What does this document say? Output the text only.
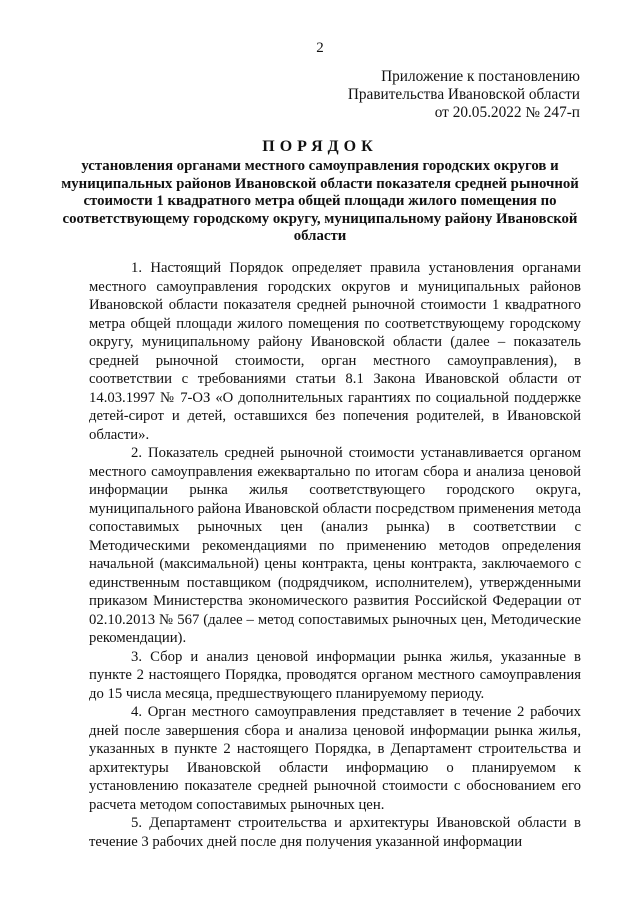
2
Приложение к постановлению
Правительства Ивановской области
от 20.05.2022 № 247-п
ПОРЯДОК
установления органами местного самоуправления городских округов и муниципальных районов Ивановской области показателя средней рыночной стоимости 1 квадратного метра общей площади жилого помещения по соответствующему городскому округу, муниципальному району Ивановской области

1. Настоящий Порядок определяет правила установления органами местного самоуправления городских округов и муниципальных районов Ивановской области показателя средней рыночной стоимости 1 квадратного метра общей площади жилого помещения по соответствующему городскому округу, муниципальному району Ивановской области (далее – показатель средней рыночной стоимости, орган местного самоуправления), в соответствии с требованиями статьи 8.1 Закона Ивановской области от 14.03.1997 № 7-ОЗ «О дополнительных гарантиях по социальной поддержке детей-сирот и детей, оставшихся без попечения родителей, в Ивановской области».

2. Показатель средней рыночной стоимости устанавливается органом местного самоуправления ежеквартально по итогам сбора и анализа ценовой информации рынка жилья соответствующего городского округа, муниципального района Ивановской области посредством применения метода сопоставимых рыночных цен (анализ рынка) в соответствии с Методическими рекомендациями по применению методов определения начальной (максимальной) цены контракта, цены контракта, заключаемого с единственным поставщиком (подрядчиком, исполнителем), утвержденными приказом Министерства экономического развития Российской Федерации от 02.10.2013 № 567 (далее – метод сопоставимых рыночных цен, Методические рекомендации).

3. Сбор и анализ ценовой информации рынка жилья, указанные в пункте 2 настоящего Порядка, проводятся органом местного самоуправления до 15 числа месяца, предшествующего планируемому периоду.

4. Орган местного самоуправления представляет в течение 2 рабочих дней после завершения сбора и анализа ценовой информации рынка жилья, указанных в пункте 2 настоящего Порядка, в Департамент строительства и архитектуры Ивановской области информацию о планируемом к установлению показателе средней рыночной стоимости с обоснованием его расчета методом сопоставимых рыночных цен.

5. Департамент строительства и архитектуры Ивановской области в течение 3 рабочих дней после дня получения указанной информации
